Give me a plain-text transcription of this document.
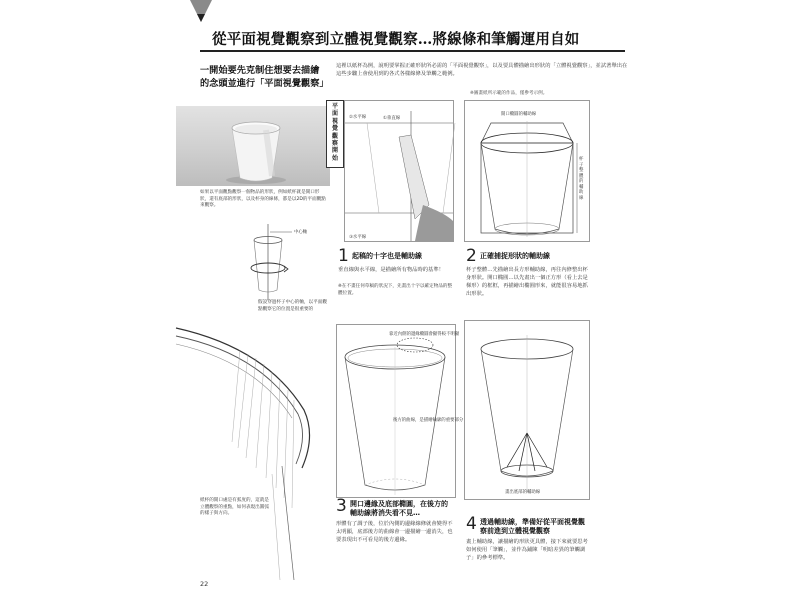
從平面視覺觀察到立體視覺觀察…將線條和筆觸運用自如
一開始要先克制住想要去描繪的念頭並進行「平面視覺觀察」
這裡以紙杯為例，說明要掌握正確形狀所必需的「平面視覺觀察」，以及要具體描繪出形狀的「立體視覺觀察」，並試著舉出在這些步驟上會使用到的各式各樣線條及筆觸之範例。
※圖畫紙所示範的作品，僅參考示例。
如果以平面觀點觀察一個物品的形狀，例如紙杯就是開口形狀，還有底部的形狀，以及杯身的線條，都是以2D的平面觀點來觀察。
中心軸
假設穿過杯子中心的軸，以平面觀點觀察它的位置是很重要的
紙杯的開口處是有弧度的，這就是立體觀察的重點，如何表現出圓弧的樣子與方向。
22
平面視覺觀察開始
①垂直線
②水平線
③水平線
開口橢圓的輔助線
杯子整體的輔助線
1 起稿的十字也是輔助線
垂直線與水平線，是描繪所有物品時的基準！
※在不畫任何草稿的狀況下，先畫出十字以確定物品的整體位置。
2 正確捕捉形狀的輔助線
杯子整體…先描繪出長方形輔助線，再往內修整出杯身形狀。開口橢圓…以先畫出一個正方形（看上去是梯形）的框框，再描繪出橢圓形來，就能很容易地抓出形狀。
靠近內側的邊緣橢圓會顯得較不明顯
後方的曲線，是描繪輪廓的重要部分
畫出底部的輔助線
3 開口邊緣及底部橢圓，在後方的輔助線將消失看不見…
形體有了調子後，位於內側的邊緣線條就會變得不太明顯，底部後方的曲線會一邊描繪一邊消失，也要表現出不可看見的後方邊緣。
4 透過輔助線，準備好從平面視覺觀察前進到立體視覺觀察
畫上輔助線，讓描繪的形狀更具體，接下來就要思考如何使用「筆觸」，並作為鋪陳「明暗差異的筆觸調子」的參考標準。
